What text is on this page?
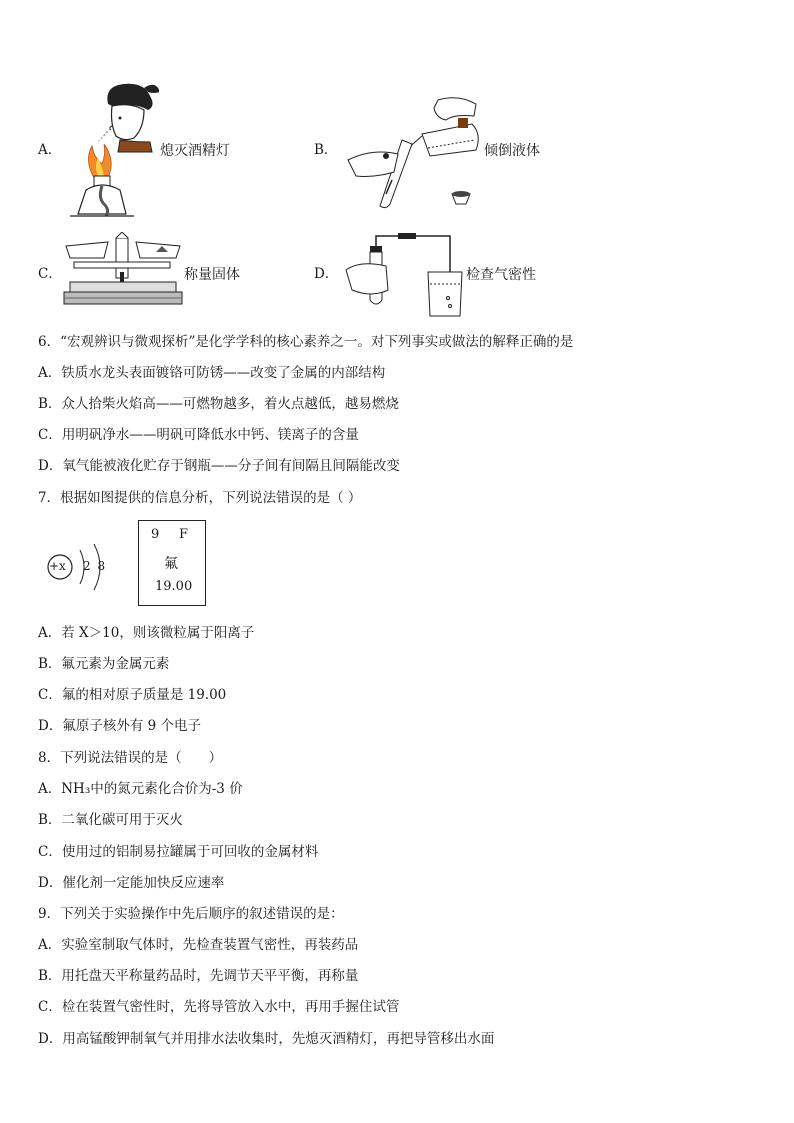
A．	熄灭酒精灯	B．	倾倒液体
C．	称量固体	D．	检查气密性
6．“宏观辨识与微观探析”是化学学科的核心素养之一。对下列事实或做法的解释正确的是
A．铁质水龙头表面镀铬可防锈——改变了金属的内部结构
B．众人拾柴火焰高——可燃物越多，着火点越低，越易燃烧
C．用明矾净水——明矾可降低水中钙、镁离子的含量
D．氧气能被液化贮存于钢瓶——分子间有间隔且间隔能改变
7．根据如图提供的信息分析，下列说法错误的是（ ）
+x 2 8
9 F
氟
19.00
A．若 X＞10，则该微粒属于阳离子
B．氟元素为金属元素
C．氟的相对原子质量是 19.00
D．氟原子核外有 9 个电子
8．下列说法错误的是（　　）
A．NH₃中的氮元素化合价为-3 价
B．二氧化碳可用于灭火
C．使用过的铝制易拉罐属于可回收的金属材料
D．催化剂一定能加快反应速率
9．下列关于实验操作中先后顺序的叙述错误的是：
A．实验室制取气体时，先检查装置气密性，再装药品
B．用托盘天平称量药品时，先调节天平平衡，再称量
C．检在装置气密性时，先将导管放入水中，再用手握住试管
D．用高锰酸钾制氧气并用排水法收集时，先熄灭酒精灯，再把导管移出水面
